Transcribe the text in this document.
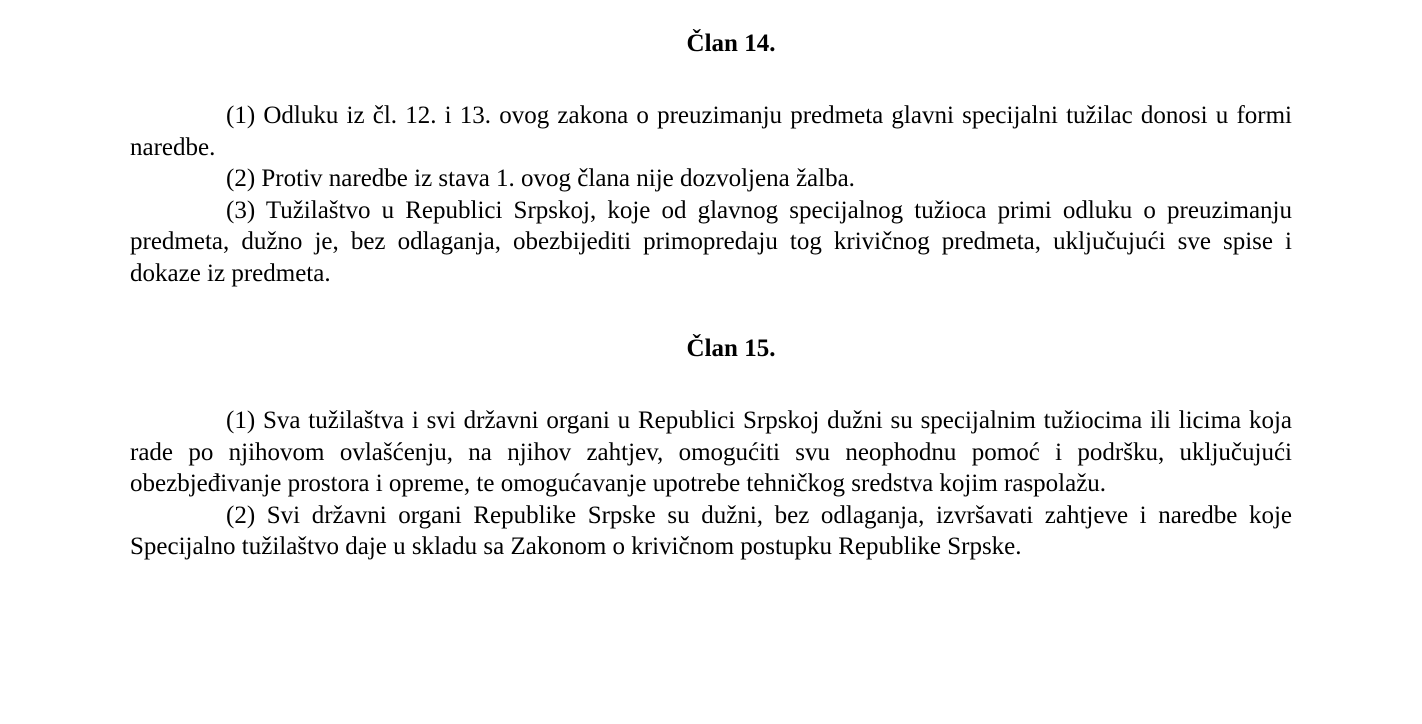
Član 14.

(1) Odluku iz čl. 12. i 13. ovog zakona o preuzimanju predmeta glavni specijalni tužilac donosi u formi naredbe.

(2) Protiv naredbe iz stava 1. ovog člana nije dozvoljena žalba.

(3) Tužilaštvo u Republici Srpskoj, koje od glavnog specijalnog tužioca primi odluku o preuzimanju predmeta, dužno je, bez odlaganja, obezbijediti primopredaju tog krivičnog predmeta, uključujući sve spise i dokaze iz predmeta.

Član 15.

(1) Sva tužilaštva i svi državni organi u Republici Srpskoj dužni su specijalnim tužiocima ili licima koja rade po njihovom ovlašćenju, na njihov zahtjev, omogućiti svu neophodnu pomoć i podršku, uključujući obezbjeđivanje prostora i opreme, te omogućavanje upotrebe tehničkog sredstva kojim raspolažu.

(2) Svi državni organi Republike Srpske su dužni, bez odlaganja, izvršavati zahtjeve i naredbe koje Specijalno tužilaštvo daje u skladu sa Zakonom o krivičnom postupku Republike Srpske.
